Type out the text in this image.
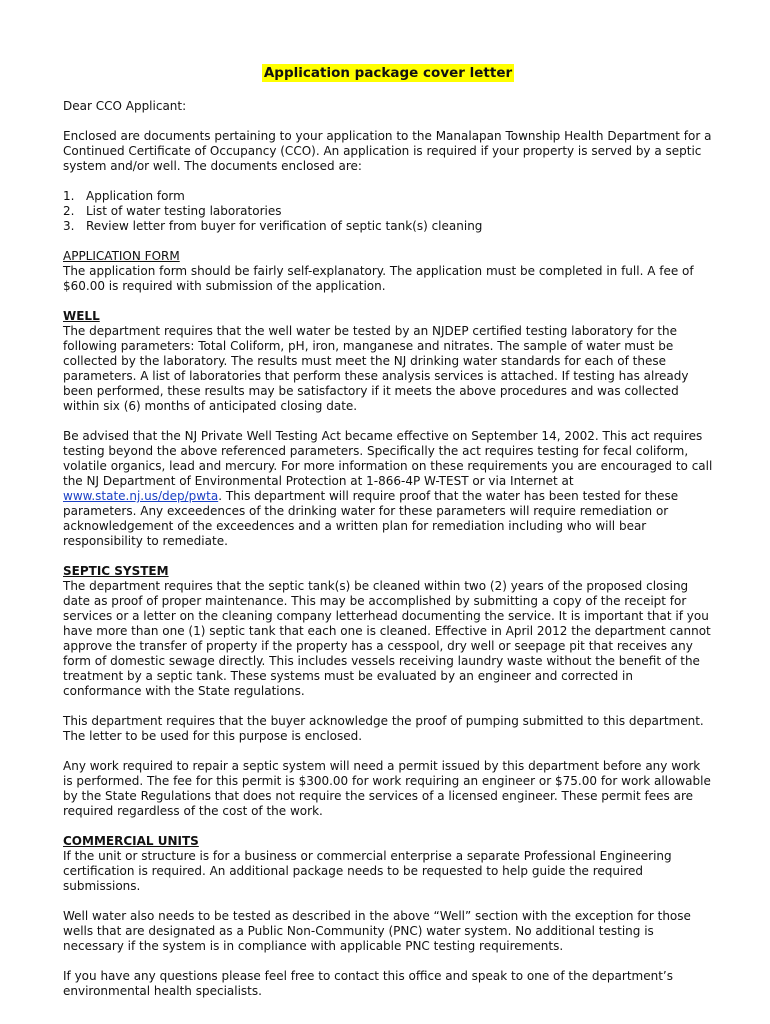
Application package cover letter

Dear CCO Applicant:

Enclosed are documents pertaining to your application to the Manalapan Township Health Department for a Continued Certificate of Occupancy (CCO). An application is required if your property is served by a septic system and/or well. The documents enclosed are:

1. Application form
2. List of water testing laboratories
3. Review letter from buyer for verification of septic tank(s) cleaning

APPLICATION FORM
The application form should be fairly self-explanatory. The application must be completed in full. A fee of $60.00 is required with submission of the application.

WELL
The department requires that the well water be tested by an NJDEP certified testing laboratory for the following parameters: Total Coliform, pH, iron, manganese and nitrates. The sample of water must be collected by the laboratory. The results must meet the NJ drinking water standards for each of these parameters. A list of laboratories that perform these analysis services is attached. If testing has already been performed, these results may be satisfactory if it meets the above procedures and was collected within six (6) months of anticipated closing date.

Be advised that the NJ Private Well Testing Act became effective on September 14, 2002. This act requires testing beyond the above referenced parameters. Specifically the act requires testing for fecal coliform, volatile organics, lead and mercury. For more information on these requirements you are encouraged to call the NJ Department of Environmental Protection at 1-866-4P W-TEST or via Internet at www.state.nj.us/dep/pwta. This department will require proof that the water has been tested for these parameters. Any exceedences of the drinking water for these parameters will require remediation or acknowledgement of the exceedences and a written plan for remediation including who will bear responsibility to remediate.

SEPTIC SYSTEM
The department requires that the septic tank(s) be cleaned within two (2) years of the proposed closing date as proof of proper maintenance. This may be accomplished by submitting a copy of the receipt for services or a letter on the cleaning company letterhead documenting the service. It is important that if you have more than one (1) septic tank that each one is cleaned. Effective in April 2012 the department cannot approve the transfer of property if the property has a cesspool, dry well or seepage pit that receives any form of domestic sewage directly. This includes vessels receiving laundry waste without the benefit of the treatment by a septic tank. These systems must be evaluated by an engineer and corrected in conformance with the State regulations.

This department requires that the buyer acknowledge the proof of pumping submitted to this department. The letter to be used for this purpose is enclosed.

Any work required to repair a septic system will need a permit issued by this department before any work is performed. The fee for this permit is $300.00 for work requiring an engineer or $75.00 for work allowable by the State Regulations that does not require the services of a licensed engineer. These permit fees are required regardless of the cost of the work.

COMMERCIAL UNITS
If the unit or structure is for a business or commercial enterprise a separate Professional Engineering certification is required. An additional package needs to be requested to help guide the required submissions.

Well water also needs to be tested as described in the above “Well” section with the exception for those wells that are designated as a Public Non-Community (PNC) water system. No additional testing is necessary if the system is in compliance with applicable PNC testing requirements.

If you have any questions please feel free to contact this office and speak to one of the department’s environmental health specialists.
